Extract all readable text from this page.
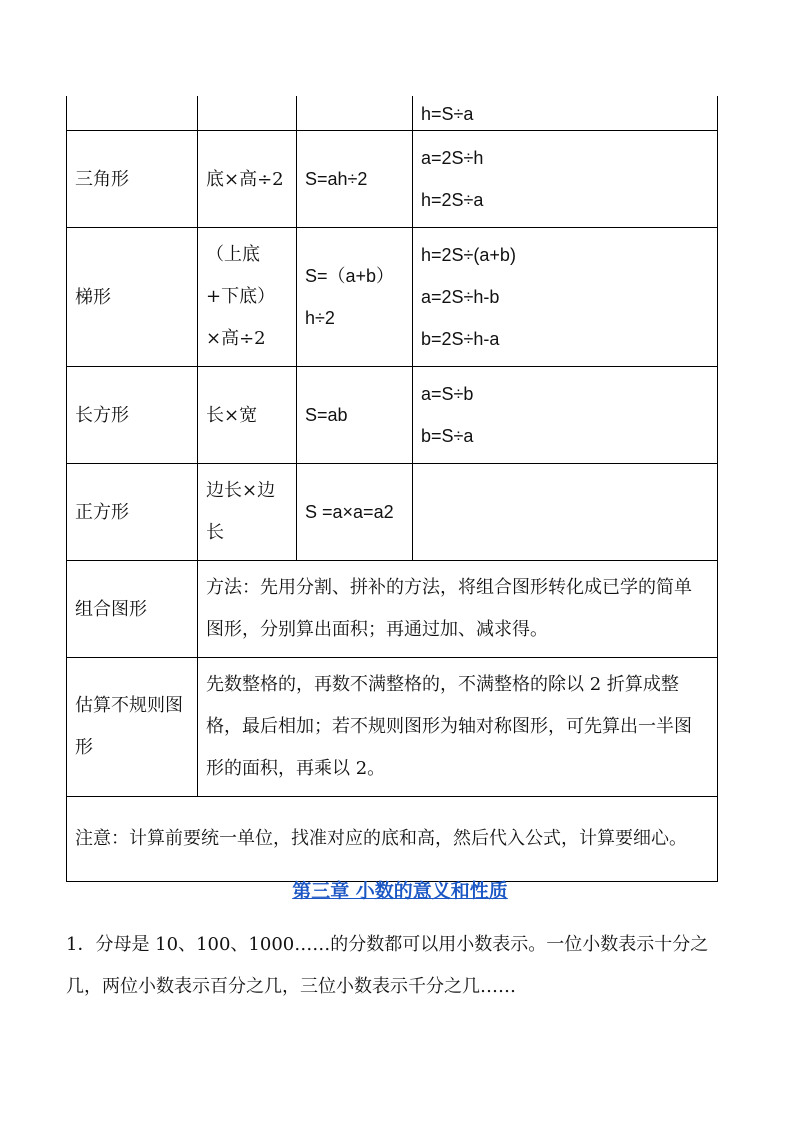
			h=S÷a
三角形	底×高÷2	S=ah÷2	a=2S÷h
h=2S÷a

梯形	（上底+下底）×高÷2	S=（a+b）h÷2	h=2S÷(a+b)
a=2S÷h-b
b=2S÷h-a

长方形	长×宽	S=ab	a=S÷b
b=S÷a

正方形	边长×边长	S =a×a=a2	
组合图形	方法：先用分割、拼补的方法，将组合图形转化成已学的简单图形，分别算出面积；再通过加、减求得。		
估算不规则图形	先数整格的，再数不满整格的，不满整格的除以 2 折算成整格，最后相加；若不规则图形为轴对称图形，可先算出一半图形的面积，再乘以 2。		
注意：计算前要统一单位，找准对应的底和高，然后代入公式，计算要细心。			
第三章 小数的意义和性质
1．分母是 10、100、1000……的分数都可以用小数表示。一位小数表示十分之几，两位小数表示百分之几，三位小数表示千分之几……
